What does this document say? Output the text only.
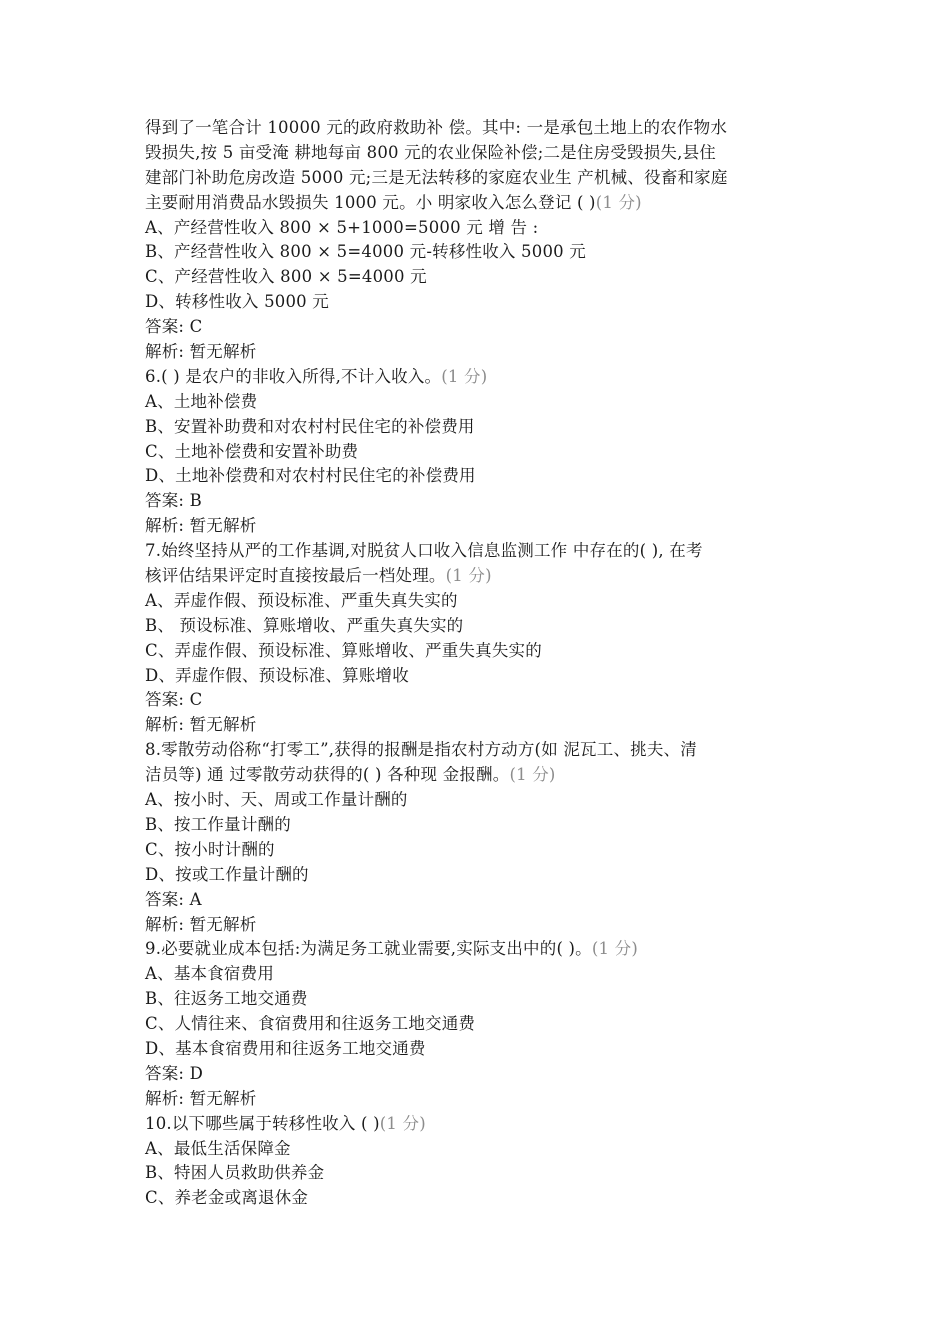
得到了一笔合计 10000 元的政府救助补 偿。其中: 一是承包土地上的农作物水
毁损失,按 5 亩受淹 耕地每亩 800 元的农业保险补偿;二是住房受毁损失,县住
建部门补助危房改造 5000 元;三是无法转移的家庭农业生 产机械、役畜和家庭
主要耐用消费品水毁损失 1000 元。小 明家收入怎么登记 ( )(1 分)
A、产经营性收入 800 × 5+1000=5000 元 增 告 :
B、产经营性收入 800 × 5=4000 元-转移性收入 5000 元
C、产经营性收入 800 × 5=4000 元
D、转移性收入 5000 元
答案: C
解析: 暂无解析
6.( ) 是农户的非收入所得,不计入收入。(1 分)
A、土地补偿费
B、安置补助费和对农村村民住宅的补偿费用
C、土地补偿费和安置补助费
D、土地补偿费和对农村村民住宅的补偿费用
答案: B
解析: 暂无解析
7.始终坚持从严的工作基调,对脱贫人口收入信息监测工作 中存在的( ), 在考
核评估结果评定时直接按最后一档处理。(1 分)
A、弄虚作假、预设标准、严重失真失实的
B、 预设标准、算账增收、严重失真失实的
C、弄虚作假、预设标准、算账增收、严重失真失实的
D、弄虚作假、预设标准、算账增收
答案: C
解析: 暂无解析
8.零散劳动俗称“打零工”,获得的报酬是指农村方动方(如 泥瓦工、挑夫、清
洁员等) 通 过零散劳动获得的( ) 各种现 金报酬。(1 分)
A、按小时、天、周或工作量计酬的
B、按工作量计酬的
C、按小时计酬的
D、按或工作量计酬的
答案: A
解析: 暂无解析
9.必要就业成本包括:为满足务工就业需要,实际支出中的( )。(1 分)
A、基本食宿费用
B、往返务工地交通费
C、人情往来、食宿费用和往返务工地交通费
D、基本食宿费用和往返务工地交通费
答案: D
解析: 暂无解析
10.以下哪些属于转移性收入 ( )(1 分)
A、最低生活保障金
B、特困人员救助供养金
C、养老金或离退休金
